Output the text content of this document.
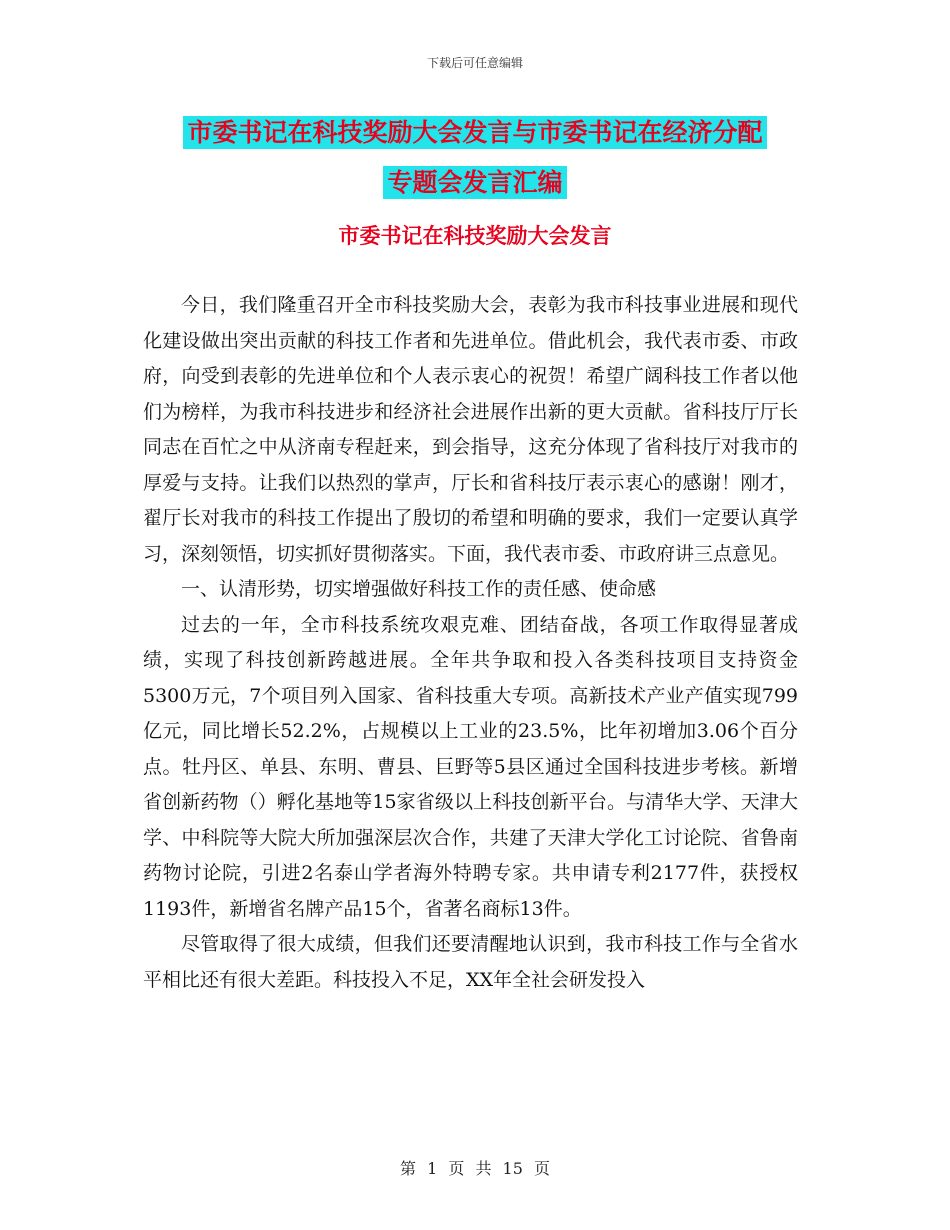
下载后可任意编辑
市委书记在科技奖励大会发言与市委书记在经济分配
专题会发言汇编
市委书记在科技奖励大会发言

今日，我们隆重召开全市科技奖励大会，表彰为我市科技事业进展和现代化建设做出突出贡献的科技工作者和先进单位。借此机会，我代表市委、市政府，向受到表彰的先进单位和个人表示衷心的祝贺！希望广阔科技工作者以他们为榜样，为我市科技进步和经济社会进展作出新的更大贡献。省科技厅厅长同志在百忙之中从济南专程赶来，到会指导，这充分体现了省科技厅对我市的厚爱与支持。让我们以热烈的掌声，厅长和省科技厅表示衷心的感谢！刚才，翟厅长对我市的科技工作提出了殷切的希望和明确的要求，我们一定要认真学习，深刻领悟，切实抓好贯彻落实。下面，我代表市委、市政府讲三点意见。

一、认清形势，切实增强做好科技工作的责任感、使命感

过去的一年，全市科技系统攻艰克难、团结奋战，各项工作取得显著成绩，实现了科技创新跨越进展。全年共争取和投入各类科技项目支持资金5300万元，7个项目列入国家、省科技重大专项。高新技术产业产值实现799亿元，同比增长52.2%，占规模以上工业的23.5%，比年初增加3.06个百分点。牡丹区、单县、东明、曹县、巨野等5县区通过全国科技进步考核。新增省创新药物（）孵化基地等15家省级以上科技创新平台。与清华大学、天津大学、中科院等大院大所加强深层次合作，共建了天津大学化工讨论院、省鲁南药物讨论院，引进2名泰山学者海外特聘专家。共申请专利2177件，获授权1193件，新增省名牌产品15个，省著名商标13件。

尽管取得了很大成绩，但我们还要清醒地认识到，我市科技工作与全省水平相比还有很大差距。科技投入不足，XX年全社会研发投入

第 1 页 共 15 页
